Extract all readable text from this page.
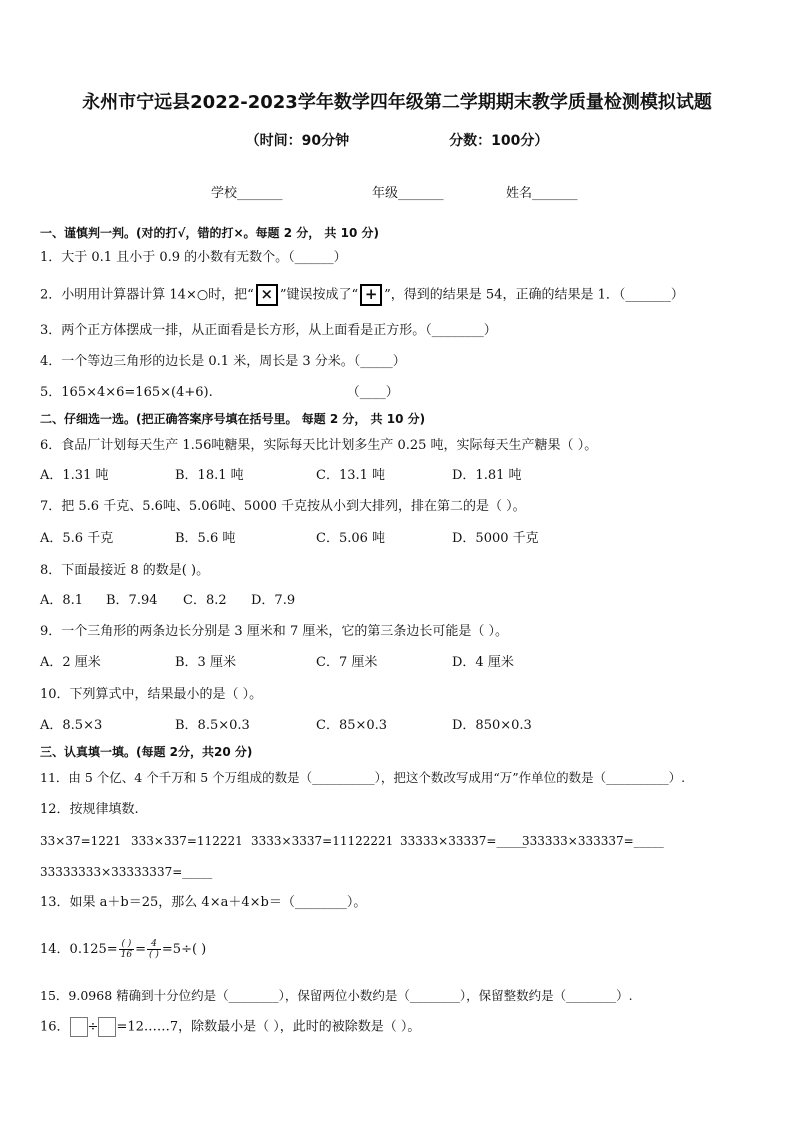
永州市宁远县2022-2023学年数学四年级第二学期期末教学质量检测模拟试题
（时间：90分钟	分数：100分）
学校_______	年级_______	姓名_______
一、谨慎判一判。(对的打√，错的打×。每题 2 分， 共 10 分)
1．大于 0.1 且小于 0.9 的小数有无数个。（______）
2．小明用计算器计算 14×○时，把“ × ”键误按成了“ + ”，得到的结果是 54，正确的结果是 1．（_______）
3．两个正方体摆成一排，从正面看是长方形，从上面看是正方形。（________）
4．一个等边三角形的边长是 0.1 米，周长是 3 分米。（_____）
5．165×4×6=165×(4+6).	（____）
二、仔细选一选。(把正确答案序号填在括号里。 每题 2 分， 共 10 分)
6．食品厂计划每天生产 1.56吨糖果，实际每天比计划多生产 0.25 吨，实际每天生产糖果（ ）。
A．1.31 吨	B．18.1 吨	C．13.1 吨	D．1.81 吨
7．把 5.6 千克、5.6吨、5.06吨、5000 千克按从小到大排列，排在第二的是（ ）。
A．5.6 千克	B．5.6 吨	C．5.06 吨	D．5000 千克
8．下面最接近 8 的数是( )。
A．8.1 B．7.94 C．8.2 D．7.9
9．一个三角形的两条边长分别是 3 厘米和 7 厘米，它的第三条边长可能是（ ）。
A．2 厘米	B．3 厘米	C．7 厘米	D．4 厘米
10．下列算式中，结果最小的是（ ）。
A．8.5×3	B．8.5×0.3	C．85×0.3	D．850×0.3
三、认真填一填。(每题 2分，共20 分)
11．由 5 个亿、4 个千万和 5 个万组成的数是（__________），把这个数改写成用“万”作单位的数是（__________）.
12．按规律填数.
33×37=1221 333×337=112221 3333×3337=11122221 33333×33337=_____
333333×333337=_____
33333333×33333337=_____
13．如果 a＋b＝25，那么 4×a＋4×b＝（________）。
14．$0.125= \frac{( )}{16} = \frac{4}{( )} =5\div$( )
15．9.0968 精确到十分位约是（________），保留两位小数约是（________），保留整数约是（________）.
16． ÷ =12……7，除数最小是（ ），此时的被除数是（ ）。
